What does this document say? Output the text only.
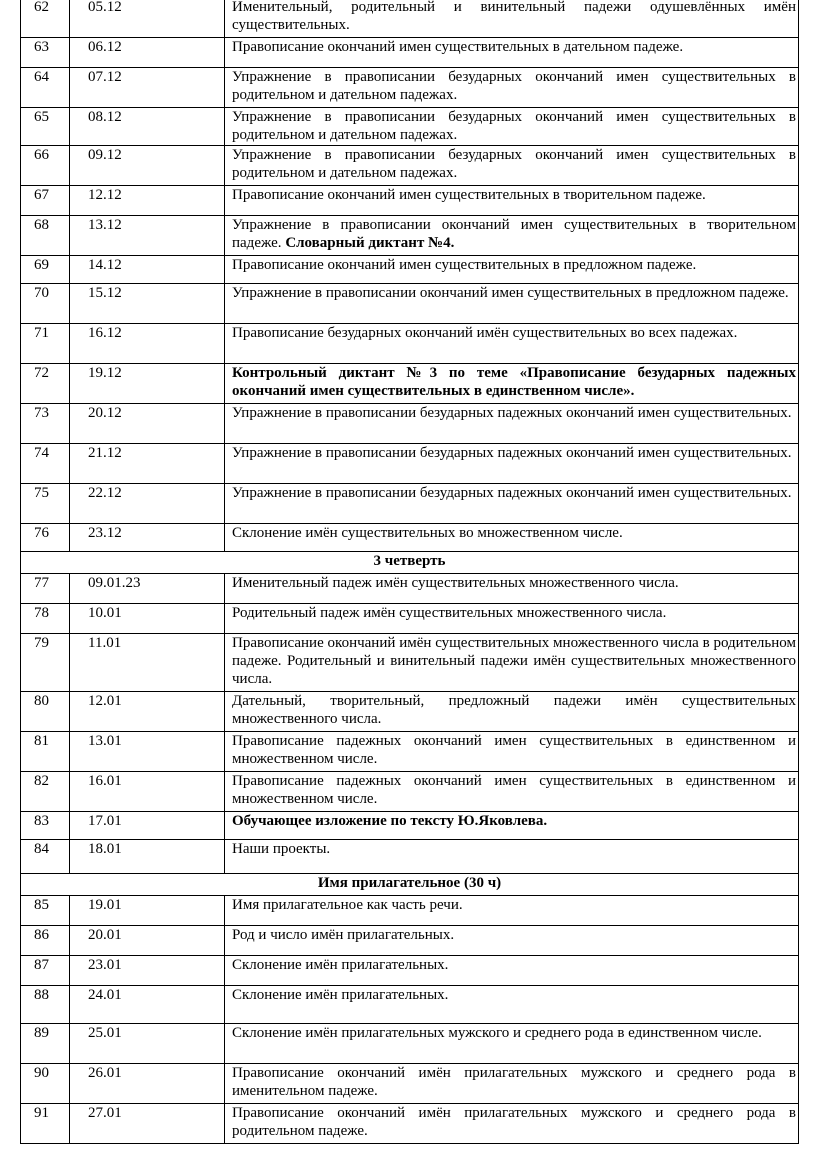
62	05.12	Именительный, родительный и винительный падежи одушевлённых имён существительных.
63	06.12	Правописание окончаний имен существительных в дательном падеже.
64	07.12	Упражнение в правописании безударных окончаний имен существительных в родительном и дательном падежах.
65	08.12	Упражнение в правописании безударных окончаний имен существительных в родительном и дательном падежах.
66	09.12	Упражнение в правописании безударных окончаний имен существительных в родительном и дательном падежах.
67	12.12	Правописание окончаний имен существительных в творительном падеже.
68	13.12	Упражнение в правописании окончаний имен существительных в творительном падеже. Словарный диктант №4.
69	14.12	Правописание окончаний имен существительных в предложном падеже.
70	15.12	Упражнение в правописании окончаний имен существительных в предложном падеже.
71	16.12	Правописание безударных окончаний имён существительных во всех падежах.
72	19.12	Контрольный диктант №3 по теме «Правописание безударных падежных окончаний имен существительных в единственном числе».
73	20.12	Упражнение в правописании безударных падежных окончаний имен существительных.
74	21.12	Упражнение в правописании безударных падежных окончаний имен существительных.
75	22.12	Упражнение в правописании безударных падежных окончаний имен существительных.
76	23.12	Склонение имён существительных во множественном числе.
3 четверть		
77	09.01.23	Именительный падеж имён существительных множественного числа.
78	10.01	Родительный падеж имён существительных множественного числа.
79	11.01	Правописание окончаний имён существительных множественного числа в родительном падеже. Родительный и винительный падежи имён существительных множественного числа.
80	12.01	Дательный, творительный, предложный падежи имён существительных множественного числа.
81	13.01	Правописание падежных окончаний имен существительных в единственном и множественном числе.
82	16.01	Правописание падежных окончаний имен существительных в единственном и множественном числе.
83	17.01	Обучающее изложение по тексту Ю.Яковлева.
84	18.01	Наши проекты.
Имя прилагательное (30 ч)		
85	19.01	Имя прилагательное как часть речи.
86	20.01	Род и число имён прилагательных.
87	23.01	Склонение имён прилагательных.
88	24.01	Склонение имён прилагательных.
89	25.01	Склонение имён прилагательных мужского и среднего рода в единственном числе.
90	26.01	Правописание окончаний имён прилагательных мужского и среднего рода в именительном падеже.
91	27.01	Правописание окончаний имён прилагательных мужского и среднего рода в родительном падеже.
